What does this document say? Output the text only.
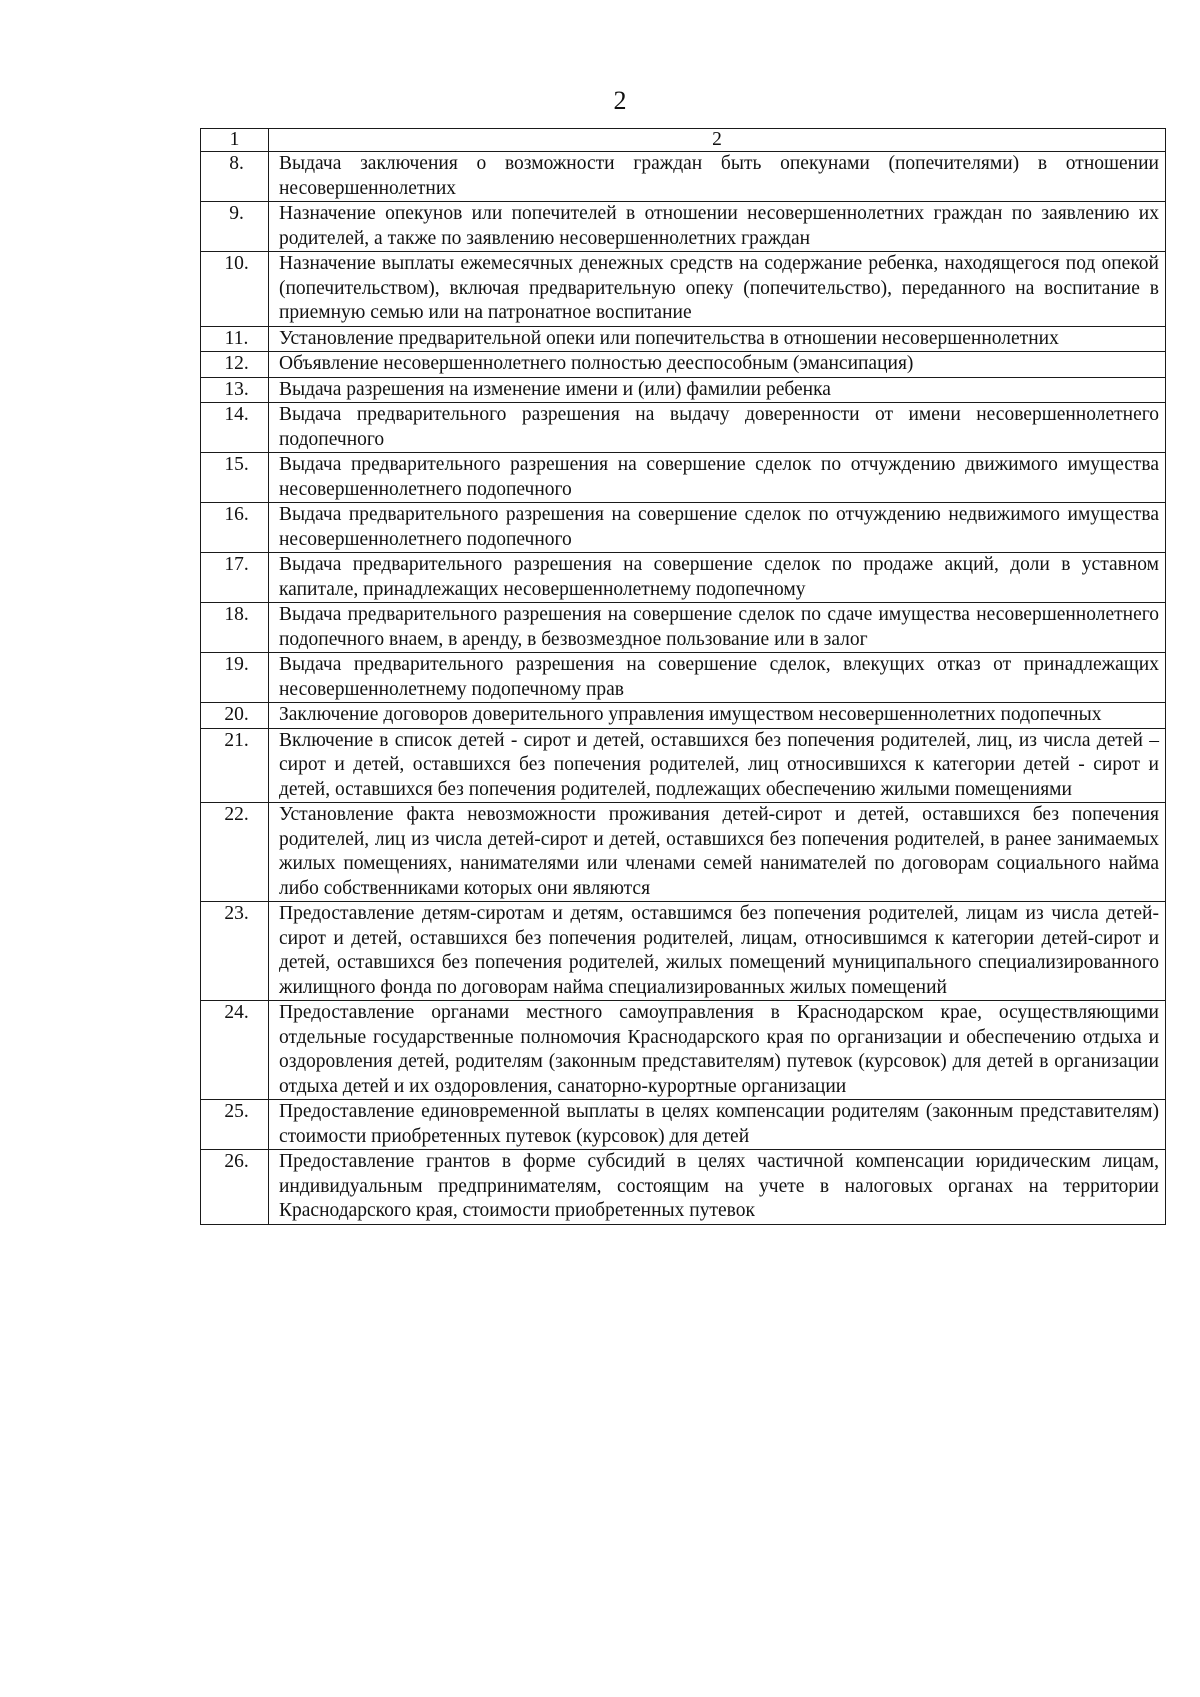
2
1	2
8.	Выдача заключения о возможности граждан быть опекунами (попечителями) в отношении несовершеннолетних
9.	Назначение опекунов или попечителей в отношении несовершеннолетних граждан по заявлению их родителей, а также по заявлению несовершеннолетних граждан
10.	Назначение выплаты ежемесячных денежных средств на содержание ребенка, находящегося под опекой (попечительством), включая предварительную опеку (попечительство), переданного на воспитание в приемную семью или на патронатное воспитание
11.	Установление предварительной опеки или попечительства в отношении несовершеннолетних
12.	Объявление несовершеннолетнего полностью дееспособным (эмансипация)
13.	Выдача разрешения на изменение имени и (или) фамилии ребенка
14.	Выдача предварительного разрешения на выдачу доверенности от имени несовершеннолетнего подопечного
15.	Выдача предварительного разрешения на совершение сделок по отчуждению движимого имущества несовершеннолетнего подопечного
16.	Выдача предварительного разрешения на совершение сделок по отчуждению недвижимого имущества несовершеннолетнего подопечного
17.	Выдача предварительного разрешения на совершение сделок по продаже акций, доли в уставном капитале, принадлежащих несовершеннолетнему подопечному
18.	Выдача предварительного разрешения на совершение сделок по сдаче имущества несовершеннолетнего подопечного внаем, в аренду, в безвозмездное пользование или в залог
19.	Выдача предварительного разрешения на совершение сделок, влекущих отказ от принадлежащих несовершеннолетнему подопечному прав
20.	Заключение договоров доверительного управления имуществом несовершеннолетних подопечных
21.	Включение в список детей - сирот и детей, оставшихся без попечения родителей, лиц, из числа детей – сирот и детей, оставшихся без попечения родителей, лиц относившихся к категории детей - сирот и детей, оставшихся без попечения родителей, подлежащих обеспечению жилыми помещениями
22.	Установление факта невозможности проживания детей-сирот и детей, оставшихся без попечения родителей, лиц из числа детей-сирот и детей, оставшихся без попечения родителей, в ранее занимаемых жилых помещениях, нанимателями или членами семей нанимателей по договорам социального найма либо собственниками которых они являются
23.	Предоставление детям-сиротам и детям, оставшимся без попечения родителей, лицам из числа детей-сирот и детей, оставшихся без попечения родителей, лицам, относившимся к категории детей-сирот и детей, оставшихся без попечения родителей, жилых помещений муниципального специализированного жилищного фонда по договорам найма специализированных жилых помещений
24.	Предоставление органами местного самоуправления в Краснодарском крае, осуществляющими отдельные государственные полномочия Краснодарского края по организации и обеспечению отдыха и оздоровления детей, родителям (законным представителям) путевок (курсовок) для детей в организации отдыха детей и их оздоровления, санаторно-курортные организации
25.	Предоставление единовременной выплаты в целях компенсации родителям (законным представителям) стоимости приобретенных путевок (курсовок) для детей
26.	Предоставление грантов в форме субсидий в целях частичной компенсации юридическим лицам, индивидуальным предпринимателям, состоящим на учете в налоговых органах на территории Краснодарского края, стоимости приобретенных путевок
